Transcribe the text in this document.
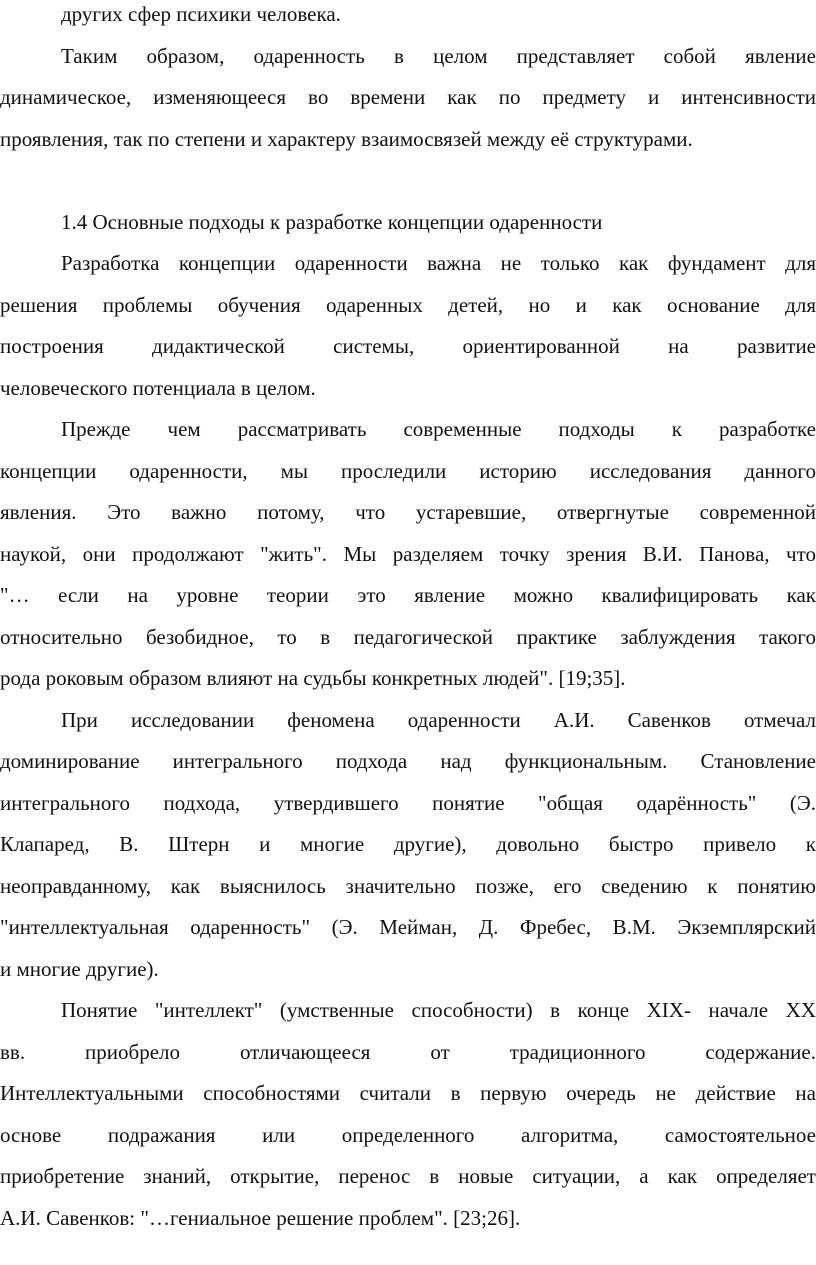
других сфер психики человека.
Таким образом, одаренность в целом представляет собой явление
динамическое, изменяющееся во времени как по предмету и интенсивности
проявления, так по степени и характеру взаимосвязей между её структурами.
1.4 Основные подходы к разработке концепции одаренности
Разработка концепции одаренности важна не только как фундамент для
решения проблемы обучения одаренных детей, но и как основание для
построения дидактической системы, ориентированной на развитие
человеческого потенциала в целом.
Прежде чем рассматривать современные подходы к разработке
концепции одаренности, мы проследили историю исследования данного
явления. Это важно потому, что устаревшие, отвергнутые современной
наукой, они продолжают "жить". Мы разделяем точку зрения В.И. Панова, что
"… если на уровне теории это явление можно квалифицировать как
относительно безобидное, то в педагогической практике заблуждения такого
рода роковым образом влияют на судьбы конкретных людей". [19;35].
При исследовании феномена одаренности А.И. Савенков отмечал
доминирование интегрального подхода над функциональным. Становление
интегрального подхода, утвердившего понятие "общая одарённость" (Э.
Клапаред, В. Штерн и многие другие), довольно быстро привело к
неоправданному, как выяснилось значительно позже, его сведению к понятию
"интеллектуальная одаренность" (Э. Мейман, Д. Фребес, В.М. Экземплярский
и многие другие).
Понятие "интеллект" (умственные способности) в конце XIX- начале XX
вв. приобрело отличающееся от традиционного содержание.
Интеллектуальными способностями считали в первую очередь не действие на
основе подражания или определенного алгоритма, самостоятельное
приобретение знаний, открытие, перенос в новые ситуации, а как определяет
А.И. Савенков: "…гениальное решение проблем". [23;26].
